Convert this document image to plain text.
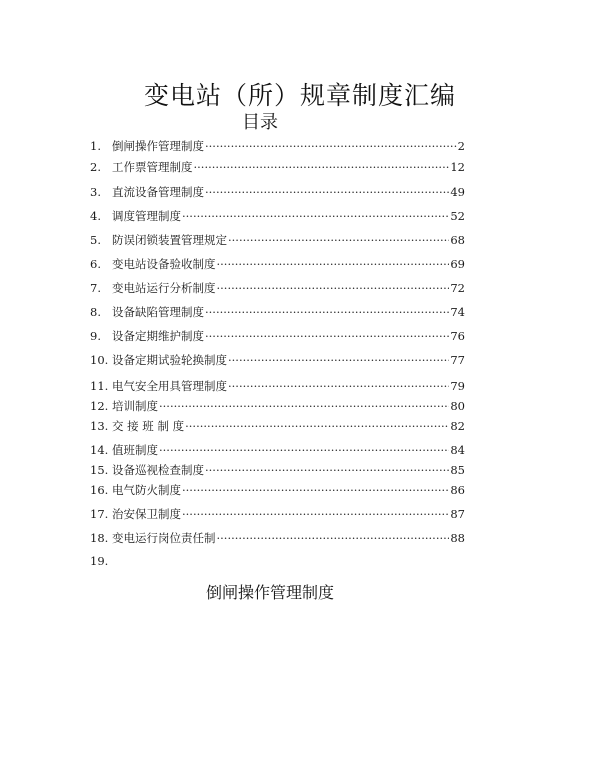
变电站（所）规章制度汇编
目录
1. 倒闸操作管理制度 ·····	2
2. 工作票管理制度 ·····	12
3. 直流设备管理制度 ·····	49
4. 调度管理制度 ·····	52
5. 防误闭锁装置管理规定 ·····	68
6. 变电站设备验收制度 ·····	69
7. 变电站运行分析制度 ·····	72
8. 设备缺陷管理制度 ·····	74
9. 设备定期维护制度 ·····	76
10. 设备定期试验轮换制度 ·····	77
11. 电气安全用具管理制度 ·····	79
12. 培训制度 ·····	80
13. 交 接 班 制 度 ·····	82
14. 值班制度 ·····	84
15. 设备巡视检查制度 ·····	85
16. 电气防火制度 ·····	86
17. 治安保卫制度 ·····	87
18. 变电运行岗位责任制 ·····	88
19.
倒闸操作管理制度
